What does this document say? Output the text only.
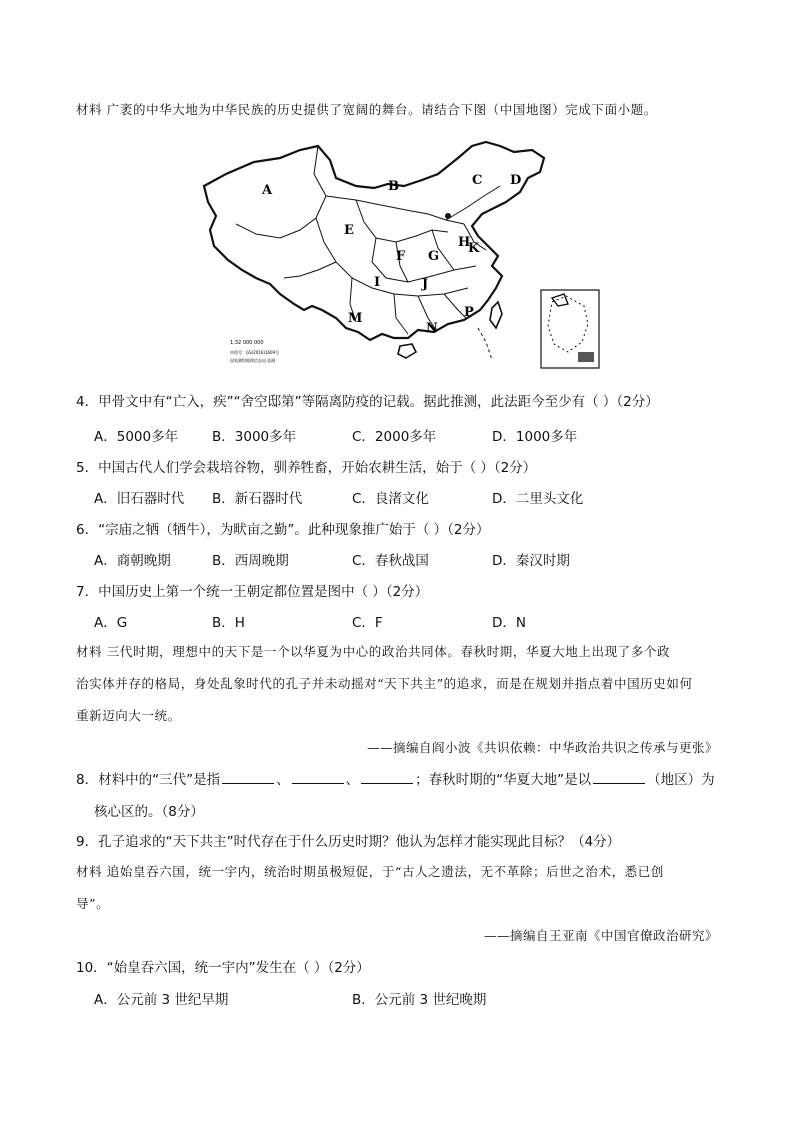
材料 广袤的中华大地为中华民族的历史提供了宽阔的舞台。请结合下图（中国地图）完成下面小题。
A	B	C D
E
F G
H
I	J
K
M
N
P
1:32 000 000
审图号：GS(2016)1609号
国家测绘地理信息局 监制
4．甲骨文中有“亡入，疾”“舍空邸第”等隔离防疫的记载。据此推测，此法距今至少有（ ）（2分）
A．5000多年	B．3000多年	C．2000多年	D．1000多年
5．中国古代人们学会栽培谷物，驯养牲畜，开始农耕生活，始于（ ）（2分）
A．旧石器时代 B．新石器时代	C．良渚文化	D．二里头文化
6．“宗庙之牺（牺牛），为畎亩之勤”。此种现象推广始于（ ）（2分）
A．商朝晚期	B．西周晚期	C．春秋战国	D．秦汉时期
7．中国历史上第一个统一王朝定都位置是图中（ ）（2分）
A．G	B．H	C．F	D．N
材料 三代时期，理想中的天下是一个以华夏为中心的政治共同体。春秋时期，华夏大地上出现了多个政
治实体并存的格局，身处乱象时代的孔子并未动摇对“天下共主”的追求，而是在规划并指点着中国历史如何
重新迈向大一统。
——摘编自阎小波《共识依赖：中华政治共识之传承与更张》
8．材料中的“三代”是指	、	、	；春秋时期的“华夏大地”是以	（地区）为
核心区的。（8分）
9．孔子追求的“天下共主”时代存在于什么历史时期？他认为怎样才能实现此目标？（4分）
材料 追始皇吞六国，统一宇内，统治时期虽极短促，于“古人之遗法，无不革除；后世之治术，悉已创
导”。
——摘编自王亚南《中国官僚政治研究》
10．“始皇吞六国，统一宇内”发生在（ ）（2分）
A．公元前 3 世纪早期	B．公元前 3 世纪晚期
